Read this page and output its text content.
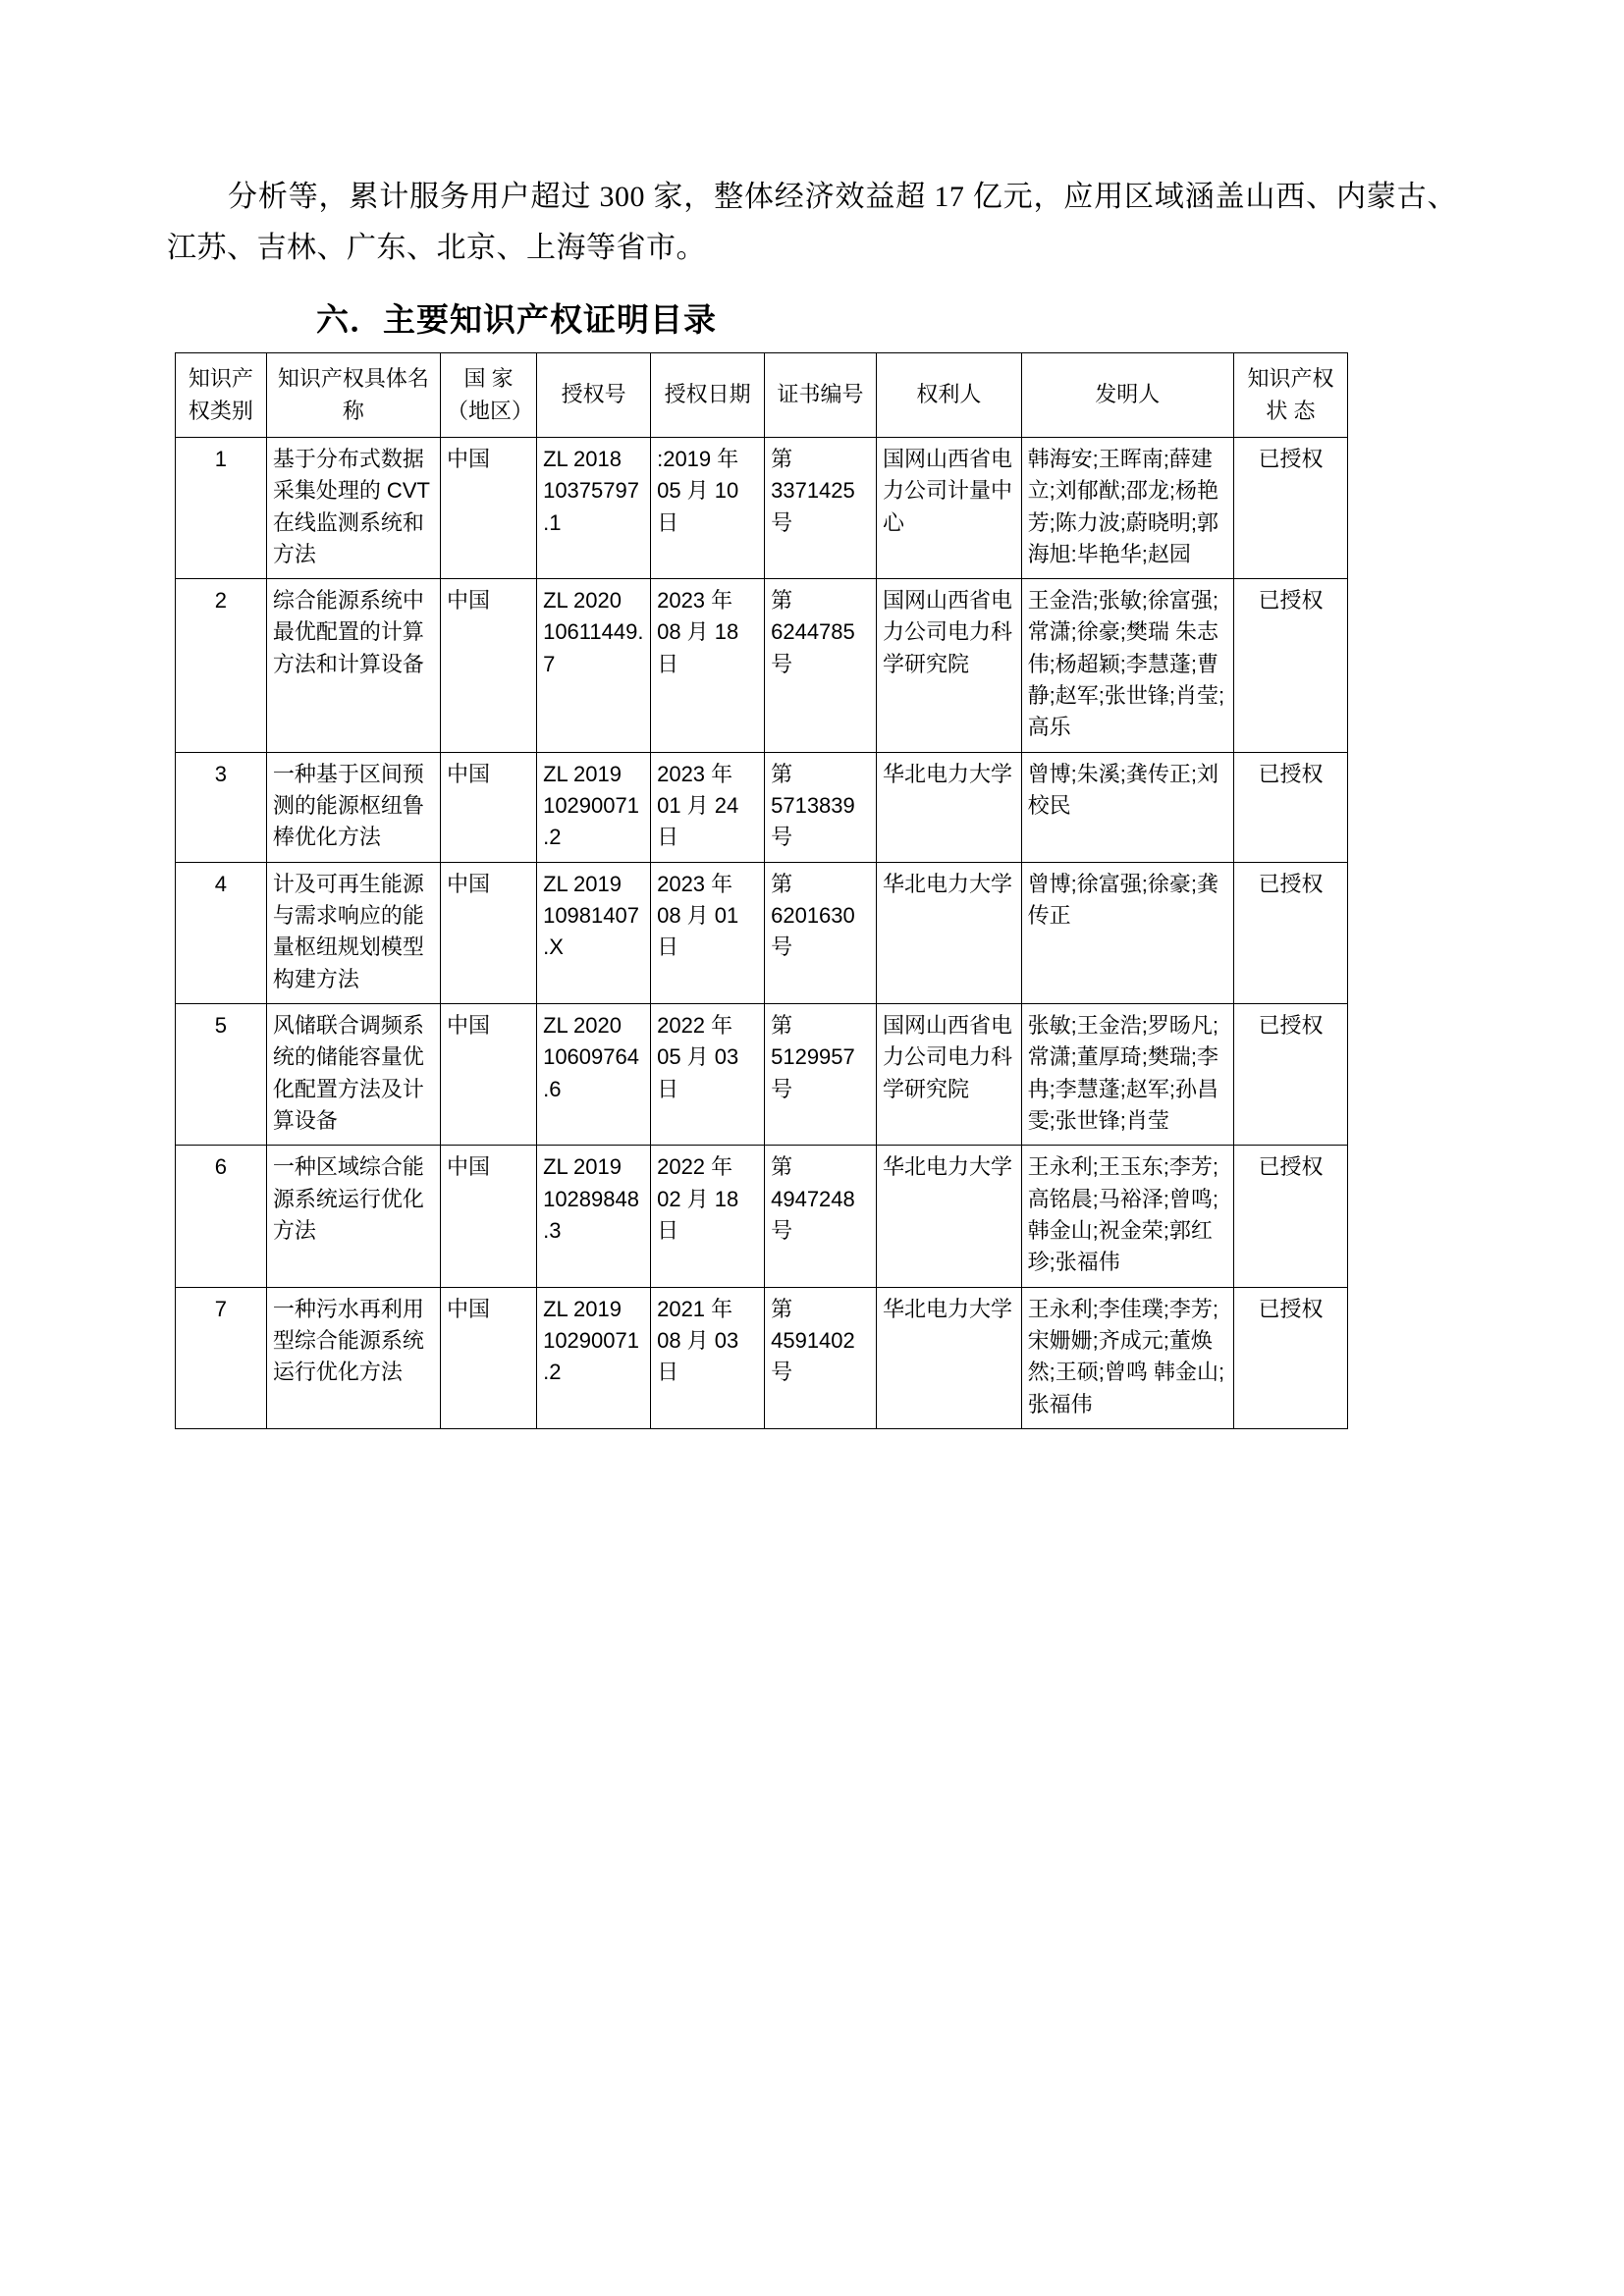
分析等，累计服务用户超过 300 家，整体经济效益超 17 亿元，应用区域涵盖山西、内蒙古、江苏、吉林、广东、北京、上海等省市。

六．主要知识产权证明目录
知识产权类别	知识产权具体名称	国 家（地区）	授权号	授权日期	证书编号	权利人	发明人	知识产权状 态
1	基于分布式数据采集处理的 CVT 在线监测系统和方法	中国	ZL 2018 10375797.1	:2019 年 05 月 10 日	第 3371425 号	国网山西省电力公司计量中心	韩海安;王晖南;薛建立;刘郁猷;邵龙;杨艳芳;陈力波;蔚晓明;郭海旭:毕艳华;赵园	已授权
2	综合能源系统中最优配置的计算方法和计算设备	中国	ZL 2020 10611449.7	2023 年 08 月 18 日	第 6244785 号	国网山西省电力公司电力科学研究院	王金浩;张敏;徐富强;常潇;徐豪;樊瑞 朱志伟;杨超颖;李慧蓬;曹静;赵军;张世锋;肖莹;高乐	已授权
3	一种基于区间预测的能源枢纽鲁棒优化方法	中国	ZL 2019 10290071.2	2023 年 01 月 24 日	第 5713839 号	华北电力大学	曾博;朱溪;龚传正;刘校民	已授权
4	计及可再生能源与需求响应的能量枢纽规划模型构建方法	中国	ZL 2019 10981407.X	2023 年 08 月 01 日	第 6201630 号	华北电力大学	曾博;徐富强;徐豪;龚传正	已授权
5	风储联合调频系统的储能容量优化配置方法及计算设备	中国	ZL 2020 10609764.6	2022 年 05 月 03 日	第 5129957 号	国网山西省电力公司电力科学研究院	张敏;王金浩;罗旸凡;常潇;董厚琦;樊瑞;李冉;李慧蓬;赵军;孙昌雯;张世锋;肖莹	已授权
6	一种区域综合能源系统运行优化方法	中国	ZL 2019 10289848.3	2022 年 02 月 18 日	第 4947248 号	华北电力大学	王永利;王玉东;李芳;高铭晨;马裕泽;曾鸣;韩金山;祝金荣;郭红珍;张福伟	已授权
7	一种污水再利用型综合能源系统运行优化方法	中国	ZL 2019 10290071.2	2021 年 08 月 03 日	第 4591402 号	华北电力大学	王永利;李佳璞;李芳;宋姗姗;齐成元;董焕然;王硕;曾鸣 韩金山;张福伟	已授权
